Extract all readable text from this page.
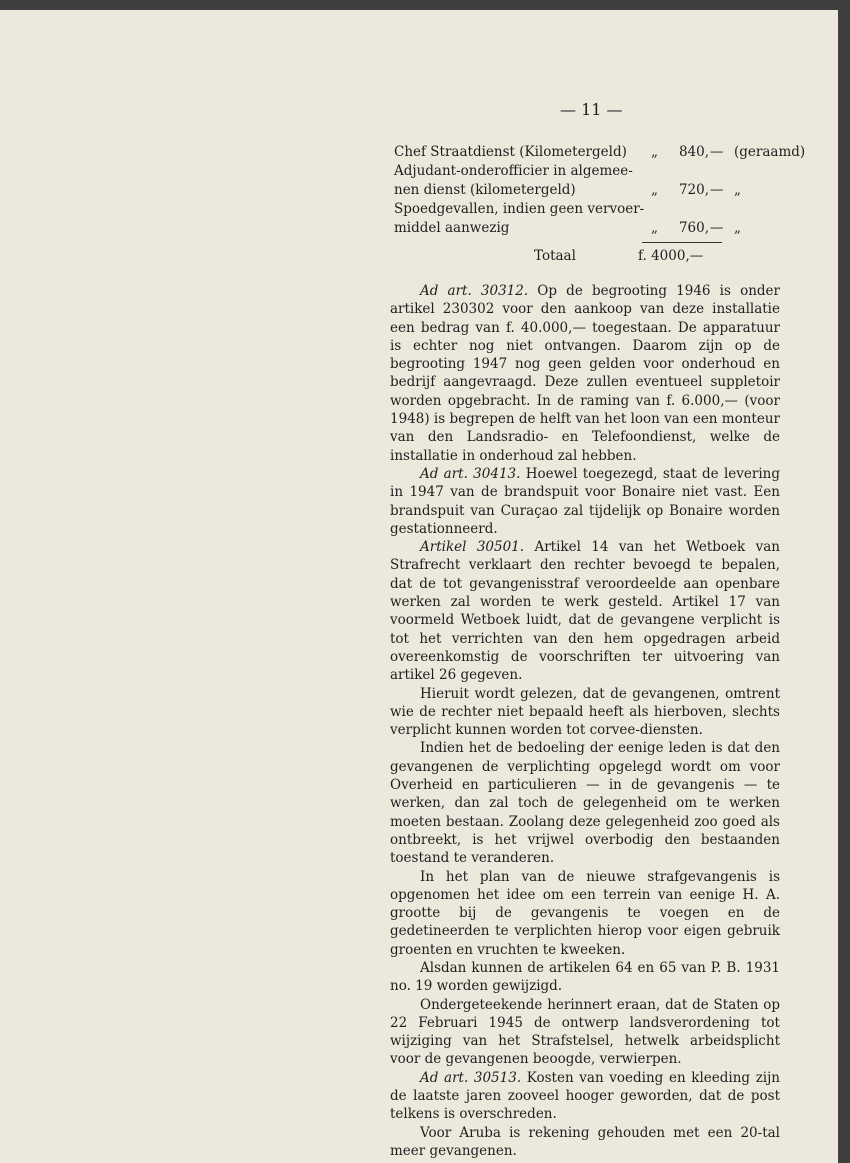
— 11 —
Chef Straatdienst (Kilometergeld) „	840, — (geraamd)
Adjudant-onderofficier in algemee-
nen dienst (kilometergeld)	„	720, — „
Spoedgevallen, indien geen vervoer-
middel aanwezig	„	760, — „
Totaal	f. 4000,—

Ad art. 30312. Op de begrooting 1946 is onder artikel 230302 voor den aankoop van deze installatie een bedrag van f. 40.000,— toegestaan. De apparatuur is echter nog niet ontvangen. Daarom zijn op de begrooting 1947 nog geen gelden voor onderhoud en bedrijf aangevraagd. Deze zullen eventueel suppletoir worden opgebracht. In de raming van f. 6.000,— (voor 1948) is begrepen de helft van het loon van een monteur van den Landsradio- en Telefoondienst, welke de installatie in onderhoud zal hebben.

Ad art. 30413. Hoewel toegezegd, staat de levering in 1947 van de brandspuit voor Bonaire niet vast. Een brandspuit van Curaçao zal tijdelijk op Bonaire worden gestationneerd.

Artikel 30501. Artikel 14 van het Wetboek van Strafrecht verklaart den rechter bevoegd te bepalen, dat de tot gevangenisstraf veroordeelde aan openbare werken zal worden te werk gesteld. Artikel 17 van voormeld Wetboek luidt, dat de gevangene verplicht is tot het verrichten van den hem opgedragen arbeid overeenkomstig de voorschriften ter uitvoering van artikel 26 gegeven.

Hieruit wordt gelezen, dat de gevangenen, omtrent wie de rechter niet bepaald heeft als hierboven, slechts verplicht kunnen worden tot corvee-diensten.

Indien het de bedoeling der eenige leden is dat den gevangenen de verplichting opgelegd wordt om voor Overheid en particulieren — in de gevangenis — te werken, dan zal toch de gelegenheid om te werken moeten bestaan. Zoolang deze gelegenheid zoo goed als ontbreekt, is het vrijwel overbodig den bestaanden toestand te veranderen.

In het plan van de nieuwe strafgevangenis is opgenomen het idee om een terrein van eenige H. A. grootte bij de gevangenis te voegen en de gedetineerden te verplichten hierop voor eigen gebruik groenten en vruchten te kweeken.

Alsdan kunnen de artikelen 64 en 65 van P. B. 1931 no. 19 worden gewijzigd.

Ondergeteekende herinnert eraan, dat de Staten op 22 Februari 1945 de ontwerp landsverordening tot wijziging van het Strafstelsel, hetwelk arbeidsplicht voor de gevangenen beoogde, verwierpen.

Ad art. 30513. Kosten van voeding en kleeding zijn de laatste jaren zooveel hooger geworden, dat de post telkens is overschreden.

Voor Aruba is rekening gehouden met een 20-tal meer gevangenen.
